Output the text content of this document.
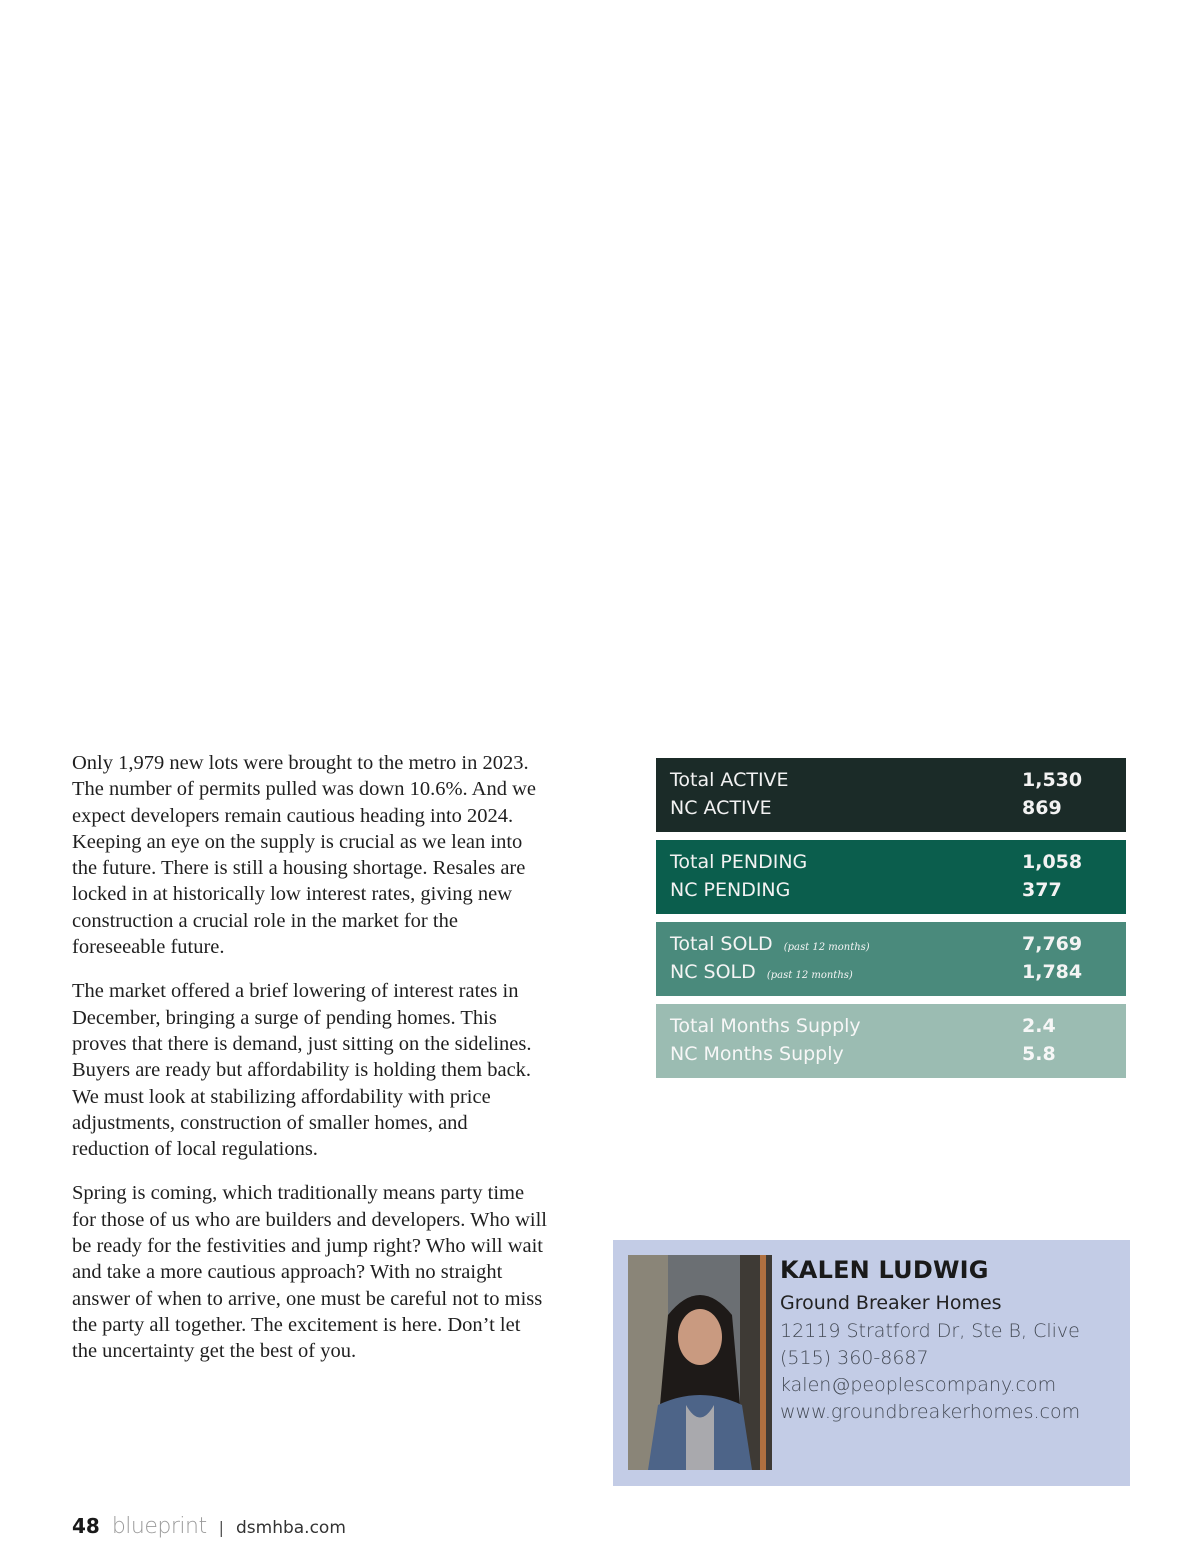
Only 1,979 new lots were brought to the metro in 2023. The number of permits pulled was down 10.6%. And we expect developers remain cautious heading into 2024. Keeping an eye on the supply is crucial as we lean into the future. There is still a housing shortage. Resales are locked in at historically low interest rates, giving new construction a crucial role in the market for the foreseeable future.

The market offered a brief lowering of interest rates in December, bringing a surge of pending homes. This proves that there is demand, just sitting on the sidelines. Buyers are ready but affordability is holding them back. We must look at stabilizing affordability with price adjustments, construction of smaller homes, and reduction of local regulations.

Spring is coming, which traditionally means party time for those of us who are builders and developers. Who will be ready for the festivities and jump right? Who will wait and take a more cautious approach? With no straight answer of when to arrive, one must be careful not to miss the party all together. The excitement is here. Don’t let the uncertainty get the best of you.

Total ACTIVE	1,530
NC ACTIVE	869
Total PENDING	1,058
NC PENDING	377
Total SOLD (past 12 months)	7,769
NC SOLD (past 12 months)	1,784
Total Months Supply	2.4
NC Months Supply	5.8
KALEN LUDWIG
Ground Breaker Homes
12119 Stratford Dr, Ste B, Clive
(515) 360-8687
kalen@peoplescompany.com
www.groundbreakerhomes.com
48 blueprint | dsmhba.com
